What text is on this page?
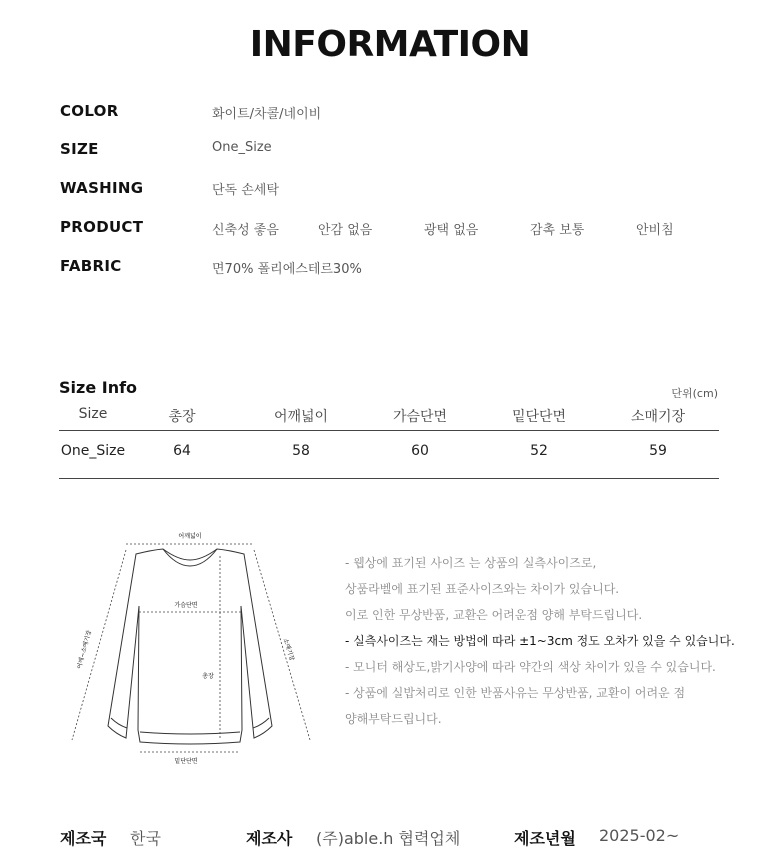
INFORMATION
COLOR	화이트/차콜/네이비
SIZE	One_Size
WASHING	단독 손세탁
PRODUCT	신축성 좋음	안감 없음	광택 없음	감촉 보통	안비침
FABRIC	면70% 폴리에스테르30%
Size Info	단위(cm)
Size	총장	어깨넓이	가슴단면	밑단단면	소매기장
One_Size	64	58	60	52	59
어깨넓이
가슴단면
총장
밑단단면
어깨~소매기장	소매기장
- 웹상에 표기된 사이즈 는 상품의 실측사이즈로,
상품라벨에 표기된 표준사이즈와는 차이가 있습니다.
이로 인한 무상반품, 교환은 어려운점 양해 부탁드립니다.
- 실측사이즈는 재는 방법에 따라 ±1~3cm 정도 오차가 있을 수 있습니다.
- 모니터 해상도,밝기사양에 따라 약간의 색상 차이가 있을 수 있습니다.
- 상품에 실밥처리로 인한 반품사유는 무상반품, 교환이 어려운 점
양해부탁드립니다.
제조국 한국	제조사 (주)able.h 협력업체	제조년월 2025-02~
